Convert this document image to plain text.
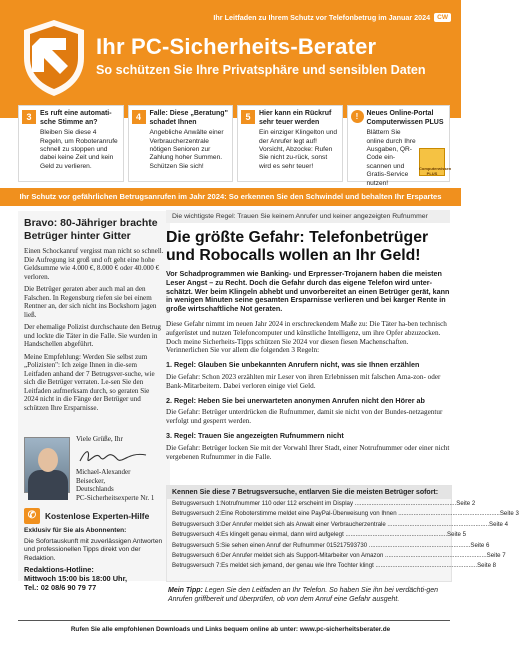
Ihr Leitfaden zu Ihrem Schutz vor Telefonbetrug im Januar 2024	CW
Ihr PC-Sicherheits-Berater
So schützen Sie Ihre Privatsphäre und sensiblen Daten
3	Es ruft eine automati-sche Stimme an?
Bleiben Sie diese 4 Regeln, um Roboteranrufe schnell zu stoppen und dabei keine Zeit und kein Geld zu verlieren.
4	Falle: Diese „Beratung" schadet Ihnen
Angebliche Anwälte einer Verbraucherzentrale nötigen Senioren zur Zahlung hoher Summen. Schützen Sie sich!
5	Hier kann ein Rückruf sehr teuer werden
Ein einziger Klingelton und der Anrufer legt auf! Vorsicht, Abzocke: Rufen Sie nicht zu-rück, sonst wird es sehr teuer!
!	Neues Online-Portal Computerwissen PLUS
Blättern Sie online durch Ihre Ausgaben, QR-Code ein-scannen und Gratis-Service nutzen!
Computerwissen PLUS
Ihr Schutz vor gefährlichen Betrugsanrufen im Jahr 2024: So erkennen Sie den Schwindel und behalten Ihr Erspartes
Bravo: 80-Jähriger brachte Betrüger hinter Gitter

Einen Schockanruf vergisst man nicht so schnell. Die Aufregung ist groß und oft geht eine hohe Geldsumme wie 4.000 €, 8.000 € oder 40.000 € verloren.

Die Betrüger geraten aber auch mal an den Falschen. In Regensburg riefen sie bei einem Rentner an, der sich nicht ins Bockshorn jagen ließ.

Der ehemalige Polizist durchschaute den Betrug und lockte die Täter in die Falle. Sie wurden in Handschellen abgeführt.

Meine Empfehlung: Werden Sie selbst zum „Polizisten": Ich zeige Ihnen in die-sem Leitfaden anhand der 7 Betrugsver-suche, wie sich die Betrüger verraten. Le-sen Sie den Leitfaden aufmerksam durch, so geraten Sie 2024 nicht in die Fänge der Betrüger und schützen Ihre Ersparnisse.

Viele Grüße, Ihr

Michael-Alexander
Beisecker,
Deutschlands
PC-Sicherheitsexperte Nr. 1
✆	Kostenlose Experten-Hilfe

Exklusiv für Sie als Abonnenten:

Die Sofortauskunft mit zuverlässigen Antworten und professionellen Tipps direkt von der Redaktion.

Redaktions-Hotline:

Mittwoch 15:00 bis 18:00 Uhr,

Tel.: 02 08/6 90 79 77

Die wichtigste Regel: Trauen Sie keinem Anrufer und keiner angezeigten Rufnummer
Die größte Gefahr: Telefonbetrüger und Robocalls wollen an Ihr Geld!

Vor Schadprogrammen wie Banking- und Erpresser-Trojanern haben die meisten Leser Angst – zu Recht. Doch die Gefahr durch das eigene Telefon wird unter-schätzt. Wer beim Klingeln abhebt und unvorbereitet an einen Betrüger gerät, kann in wenigen Minuten seine gesamten Ersparnisse verlieren und bei karger Rente in große wirtschaftliche Not geraten.

Diese Gefahr nimmt im neuen Jahr 2024 in erschreckendem Maße zu: Die Täter ha-ben technisch aufgerüstet und nutzen Telefoncomputer und künstliche Intelligenz, um ihre Opfer abzuzocken. Doch meine Sicherheits-Tipps schützen Sie 2024 vor diesen fiesen Machenschaften. Verinnerlichen Sie vor allem die folgenden 3 Regeln:

1. Regel: Glauben Sie unbekannten Anrufern nicht, was sie Ihnen erzählen

Die Gefahr: Schon 2023 erzählten mir Leser von ihren Erlebnissen mit falschen Ama-zon- oder Bank-Mitarbeitern. Dabei verloren einige viel Geld.

2. Regel: Heben Sie bei unerwarteten anonymen Anrufen nicht den Hörer ab

Die Gefahr: Betrüger unterdrücken die Rufnummer, damit sie nicht von der Bundes-netzagentur verfolgt und gesperrt werden.

3. Regel: Trauen Sie angezeigten Rufnummern nicht

Die Gefahr: Betrüger locken Sie mit der Vorwahl Ihrer Stadt, einer Notrufnummer oder einer nicht vergebenen Rufnummer in die Falle.

Kennen Sie diese 7 Betrugsversuche, entlarven Sie die meisten Betrüger sofort:
Betrugsversuch 1: Notrufnummer 110 oder 112 erscheint im Display ............................................................ Seite 2
Betrugsversuch 2: Eine Roboterstimme meldet eine PayPal-Überweisung von Ihnen ............................................................ Seite 3
Betrugsversuch 3: Der Anrufer meldet sich als Anwalt einer Verbraucherzentrale ............................................................ Seite 4
Betrugsversuch 4: Es klingelt genau einmal, dann wird aufgelegt ............................................................ Seite 5
Betrugsversuch 5: Sie sehen einen Anruf der Rufnummer 015217593730 ............................................................ Seite 6
Betrugsversuch 6: Der Anrufer meldet sich als Support-Mitarbeiter von Amazon ............................................................ Seite 7
Betrugsversuch 7: Es meldet sich jemand, der genau wie Ihre Tochter klingt ............................................................ Seite 8
Mein Tipp: Legen Sie den Leitfaden an Ihr Telefon. So haben Sie ihn bei verdächti-gen Anrufen griffbereit und überprüfen, ob von dem Anruf eine Gefahr ausgeht.
Rufen Sie alle empfohlenen Downloads und Links bequem online ab unter: www.pc-sicherheitsberater.de
